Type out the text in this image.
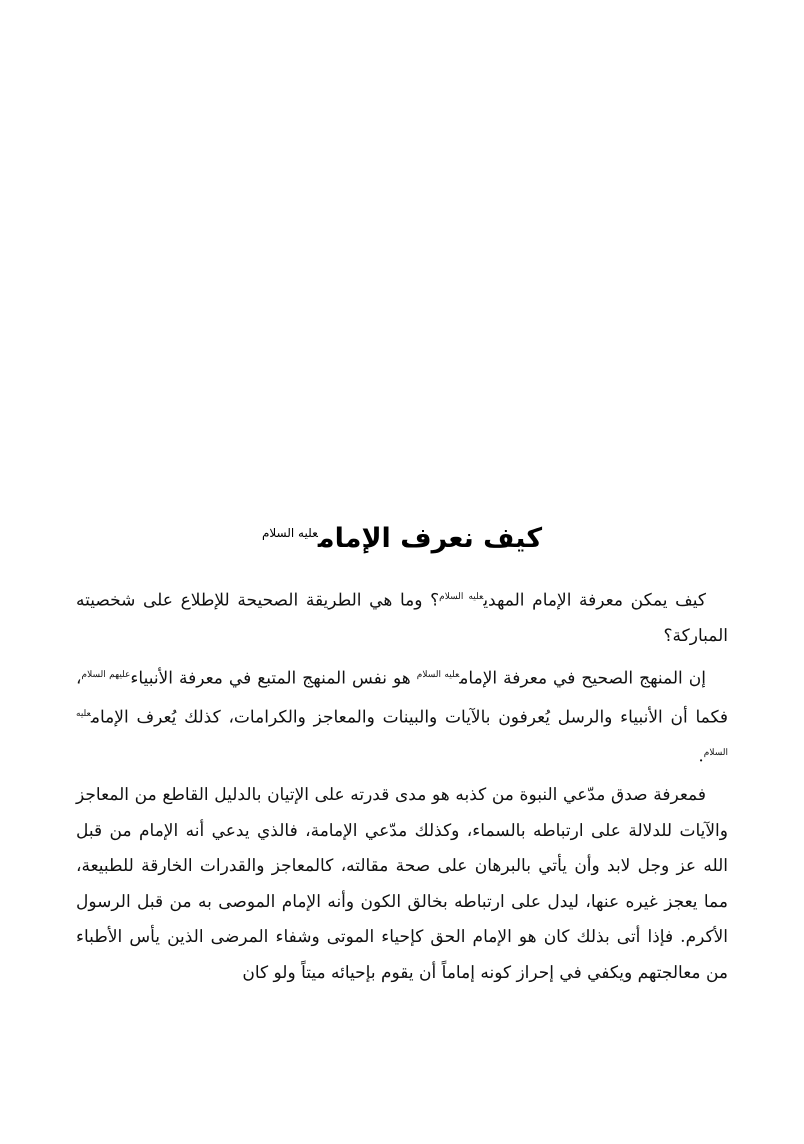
كيف نعرف الإمام$^{عليه السلام}$

كيف يمكن معرفة الإمام المهدي$^{عليه السلام}$؟ وما هي الطريقة الصحيحة للإطلاع على شخصيته المباركة؟

إن المنهج الصحيح في معرفة الإمام$^{عليه السلام}$ هو نفس المنهج المتبع في معرفة الأنبياء$^{عليهم السلام}$، فكما أن الأنبياء والرسل يُعرفون بالآيات والبينات والمعاجز والكرامات، كذلك يُعرف الإمام$^{عليه السلام}$.

فمعرفة صدق مدّعي النبوة من كذبه هو مدى قدرته على الإتيان بالدليل القاطع من المعاجز والآيات للدلالة على ارتباطه بالسماء، وكذلك مدّعي الإمامة، فالذي يدعي أنه الإمام من قبل الله عز وجل لابد وأن يأتي بالبرهان على صحة مقالته، كالمعاجز والقدرات الخارقة للطبيعة، مما يعجز غيره عنها، ليدل على ارتباطه بخالق الكون وأنه الإمام الموصى به من قبل الرسول الأكرم. فإذا أتى بذلك كان هو الإمام الحق كإحياء الموتى وشفاء المرضى الذين يأس الأطباء من معالجتهم ويكفي في إحراز كونه إماماً أن يقوم بإحيائه ميتاً ولو كان
